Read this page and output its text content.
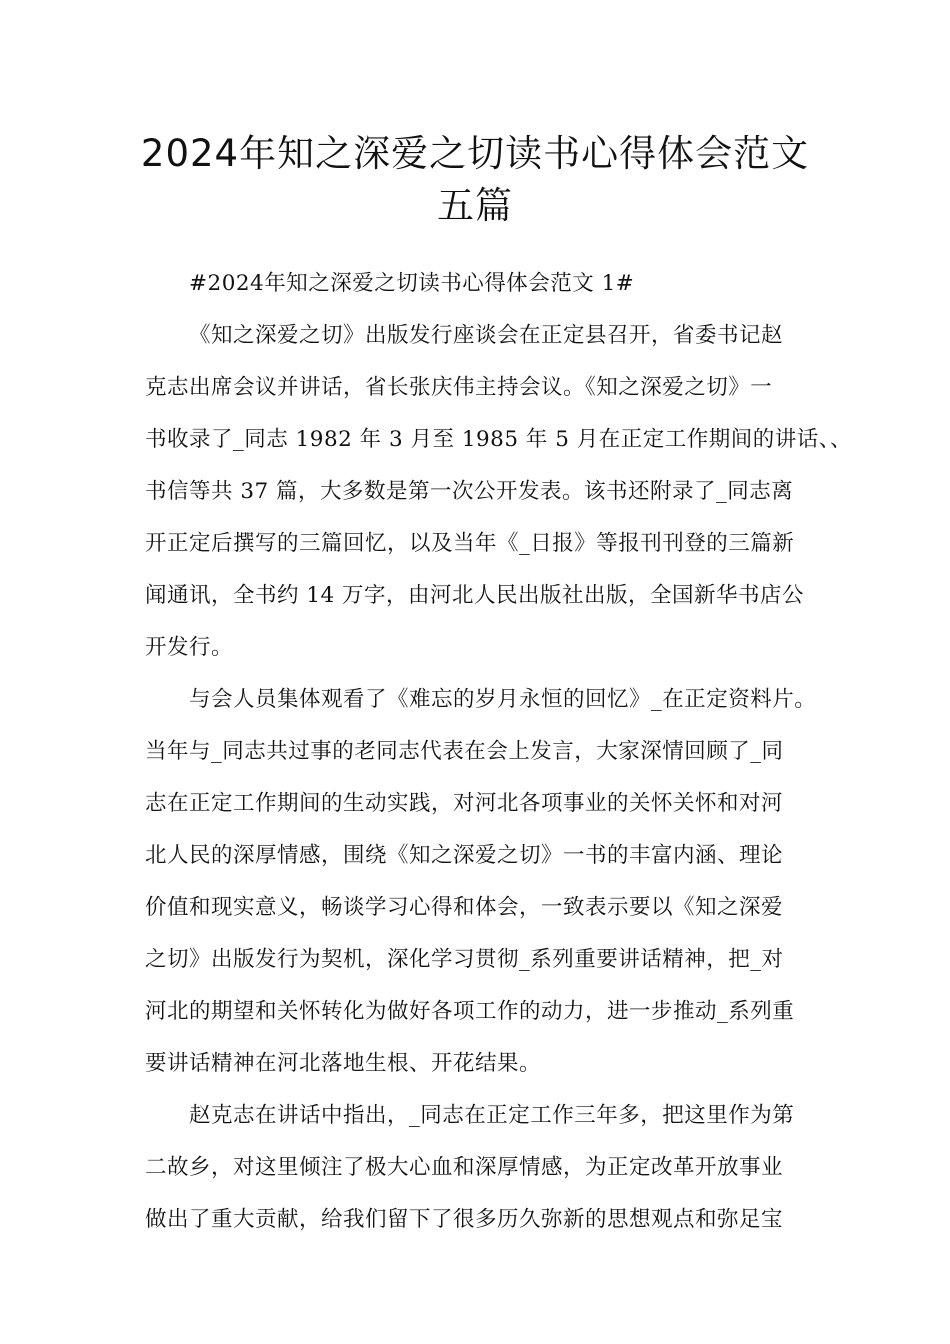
2024年知之深爱之切读书心得体会范文
五篇

#2024年知之深爱之切读书心得体会范文 1#

《知之深爱之切》出版发行座谈会在正定县召开，省委书记赵
克志出席会议并讲话，省长张庆伟主持会议。《知之深爱之切》一
书收录了_同志 1982 年 3 月至 1985 年 5 月在正定工作期间的讲话、、
书信等共 37 篇，大多数是第一次公开发表。该书还附录了_同志离
开正定后撰写的三篇回忆，以及当年《_日报》等报刊刊登的三篇新
闻通讯，全书约 14 万字，由河北人民出版社出版，全国新华书店公
开发行。

与会人员集体观看了《难忘的岁月永恒的回忆》_在正定资料片。
当年与_同志共过事的老同志代表在会上发言，大家深情回顾了_同
志在正定工作期间的生动实践，对河北各项事业的关怀关怀和对河
北人民的深厚情感，围绕《知之深爱之切》一书的丰富内涵、理论
价值和现实意义，畅谈学习心得和体会，一致表示要以《知之深爱
之切》出版发行为契机，深化学习贯彻_系列重要讲话精神，把_对
河北的期望和关怀转化为做好各项工作的动力，进一步推动_系列重
要讲话精神在河北落地生根、开花结果。

赵克志在讲话中指出，_同志在正定工作三年多，把这里作为第
二故乡，对这里倾注了极大心血和深厚情感，为正定改革开放事业
做出了重大贡献，给我们留下了很多历久弥新的思想观点和弥足宝
